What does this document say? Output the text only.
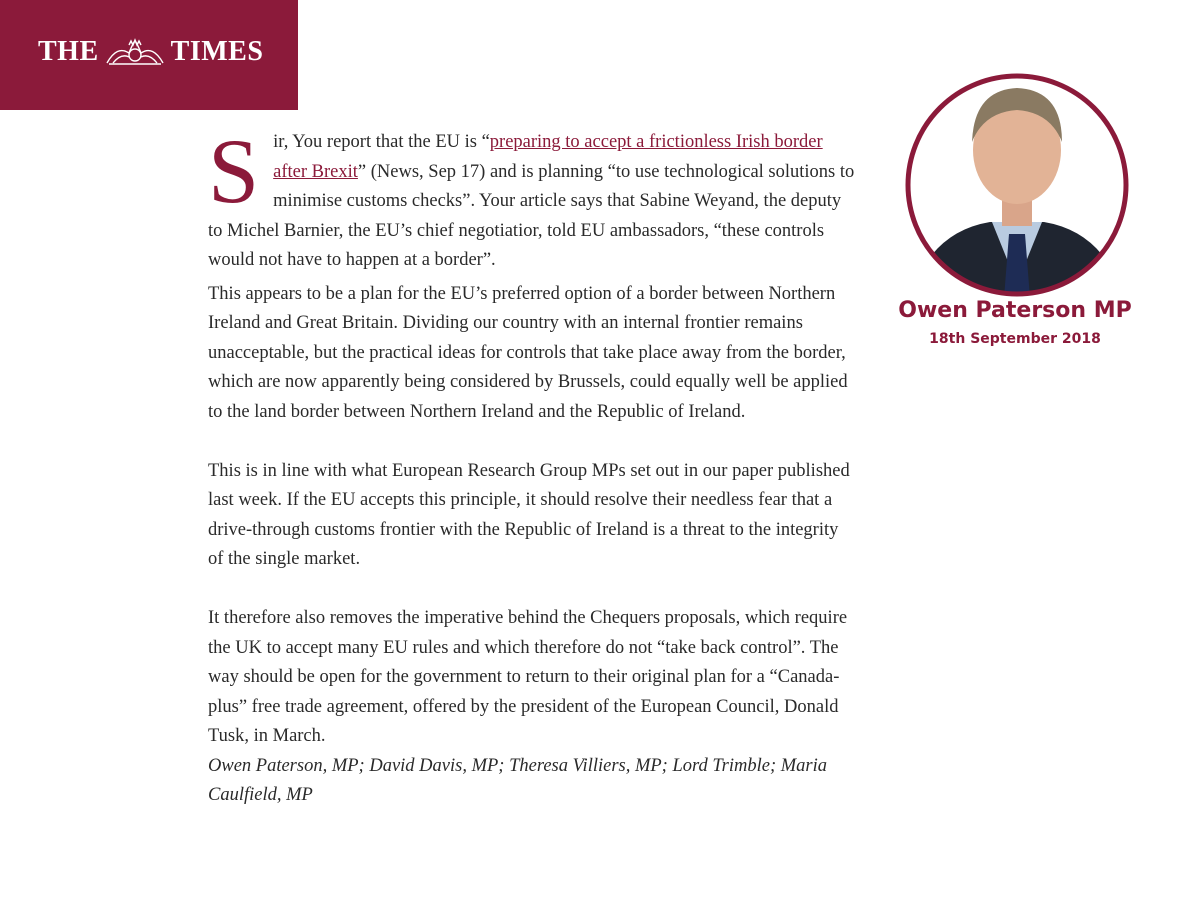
THE	TIMES

Sir, You report that the EU is “preparing to accept a frictionless Irish border after Brexit” (News, Sep 17) and is planning “to use technological solutions to minimise customs checks”. Your article says that Sabine Weyand, the deputy to Michel Barnier, the EU’s chief negotiatior, told EU ambassadors, “these controls would not have to happen at a border”.

This appears to be a plan for the EU’s preferred option of a border between Northern Ireland and Great Britain. Dividing our country with an internal frontier remains unacceptable, but the practical ideas for controls that take place away from the border, which are now apparently being considered by Brussels, could equally well be applied to the land border between Northern Ireland and the Republic of Ireland.

This is in line with what European Research Group MPs set out in our paper published last week. If the EU accepts this principle, it should resolve their needless fear that a drive-through customs frontier with the Republic of Ireland is a threat to the integrity of the single market.

It therefore also removes the imperative behind the Chequers proposals, which require the UK to accept many EU rules and which therefore do not “take back control”. The way should be open for the government to return to their original plan for a “Canada-plus” free trade agreement, offered by the president of the European Council, Donald Tusk, in March.

Owen Paterson, MP; David Davis, MP; Theresa Villiers, MP; Lord Trimble; Maria Caulfield, MP

Owen Paterson MP
18th September 2018
